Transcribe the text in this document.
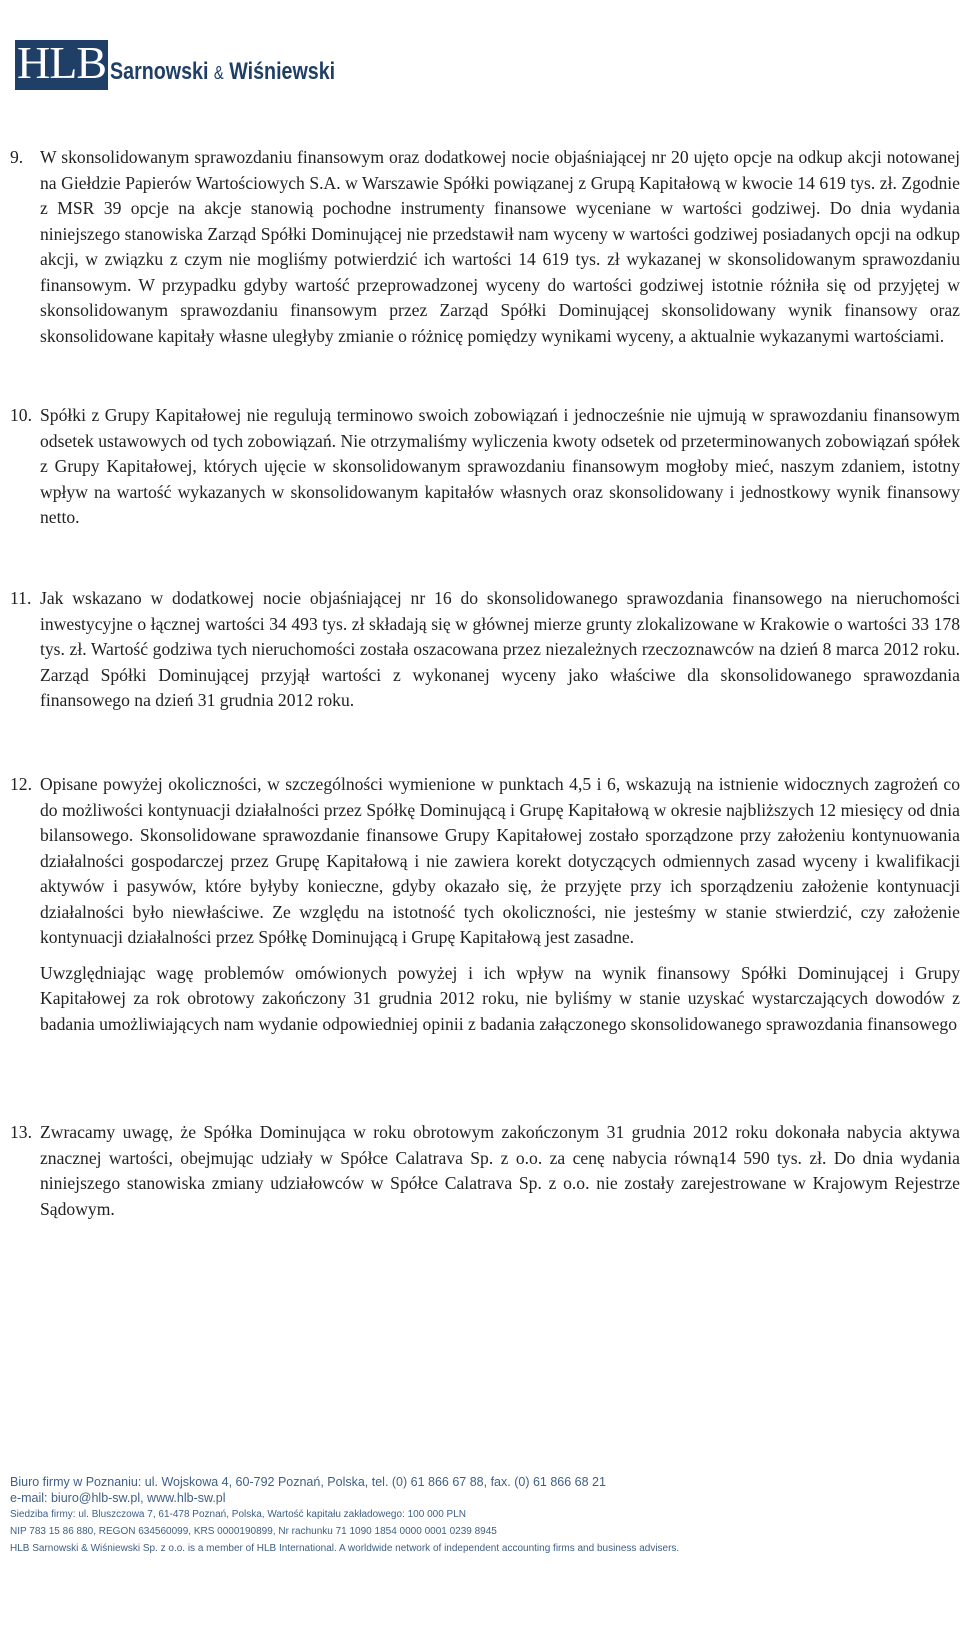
HLB Sarnowski & Wiśniewski
9. W skonsolidowanym sprawozdaniu finansowym oraz dodatkowej nocie objaśniającej nr 20 ujęto opcje na odkup akcji notowanej na Giełdzie Papierów Wartościowych S.A. w Warszawie Spółki powiązanej z Grupą Kapitałową w kwocie 14 619 tys. zł. Zgodnie z MSR 39 opcje na akcje stanowią pochodne instrumenty finansowe wyceniane w wartości godziwej. Do dnia wydania niniejszego stanowiska Zarząd Spółki Dominującej nie przedstawił nam wyceny w wartości godziwej posiadanych opcji na odkup akcji, w związku z czym nie mogliśmy potwierdzić ich wartości 14 619 tys. zł wykazanej w skonsolidowanym sprawozdaniu finansowym. W przypadku gdyby wartość przeprowadzonej wyceny do wartości godziwej istotnie różniła się od przyjętej w skonsolidowanym sprawozdaniu finansowym przez Zarząd Spółki Dominującej skonsolidowany wynik finansowy oraz skonsolidowane kapitały własne uległyby zmianie o różnicę pomiędzy wynikami wyceny, a aktualnie wykazanymi wartościami.

10. Spółki z Grupy Kapitałowej nie regulują terminowo swoich zobowiązań i jednocześnie nie ujmują w sprawozdaniu finansowym odsetek ustawowych od tych zobowiązań. Nie otrzymaliśmy wyliczenia kwoty odsetek od przeterminowanych zobowiązań spółek z Grupy Kapitałowej, których ujęcie w skonsolidowanym sprawozdaniu finansowym mogłoby mieć, naszym zdaniem, istotny wpływ na wartość wykazanych w skonsolidowanym kapitałów własnych oraz skonsolidowany i jednostkowy wynik finansowy netto.

11. Jak wskazano w dodatkowej nocie objaśniającej nr 16 do skonsolidowanego sprawozdania finansowego na nieruchomości inwestycyjne o łącznej wartości 34 493 tys. zł składają się w głównej mierze grunty zlokalizowane w Krakowie o wartości 33 178 tys. zł. Wartość godziwa tych nieruchomości została oszacowana przez niezależnych rzeczoznawców na dzień 8 marca 2012 roku. Zarząd Spółki Dominującej przyjął wartości z wykonanej wyceny jako właściwe dla skonsolidowanego sprawozdania finansowego na dzień 31 grudnia 2012 roku.

12. Opisane powyżej okoliczności, w szczególności wymienione w punktach 4,5 i 6, wskazują na istnienie widocznych zagrożeń co do możliwości kontynuacji działalności przez Spółkę Dominującą i Grupę Kapitałową w okresie najbliższych 12 miesięcy od dnia bilansowego. Skonsolidowane sprawozdanie finansowe Grupy Kapitałowej zostało sporządzone przy założeniu kontynuowania działalności gospodarczej przez Grupę Kapitałową i nie zawiera korekt dotyczących odmiennych zasad wyceny i kwalifikacji aktywów i pasywów, które byłyby konieczne, gdyby okazało się, że przyjęte przy ich sporządzeniu założenie kontynuacji działalności było niewłaściwe. Ze względu na istotność tych okoliczności, nie jesteśmy w stanie stwierdzić, czy założenie kontynuacji działalności przez Spółkę Dominującą i Grupę Kapitałową jest zasadne.

Uwzględniając wagę problemów omówionych powyżej i ich wpływ na wynik finansowy Spółki Dominującej i Grupy Kapitałowej za rok obrotowy zakończony 31 grudnia 2012 roku, nie byliśmy w stanie uzyskać wystarczających dowodów z badania umożliwiających nam wydanie odpowiedniej opinii z badania załączonego skonsolidowanego sprawozdania finansowego

13. Zwracamy uwagę, że Spółka Dominująca w roku obrotowym zakończonym 31 grudnia 2012 roku dokonała nabycia aktywa znacznej wartości, obejmując udziały w Spółce Calatrava Sp. z o.o. za cenę nabycia równą14 590 tys. zł. Do dnia wydania niniejszego stanowiska zmiany udziałowców w Spółce Calatrava Sp. z o.o. nie zostały zarejestrowane w Krajowym Rejestrze Sądowym.

Biuro firmy w Poznaniu: ul. Wojskowa 4, 60-792 Poznań, Polska, tel. (0) 61 866 67 88, fax. (0) 61 866 68 21
e-mail: biuro@hlb-sw.pl, www.hlb-sw.pl
Siedziba firmy: ul. Bluszczowa 7, 61-478 Poznań, Polska, Wartość kapitału zakładowego: 100 000 PLN
NIP 783 15 86 880, REGON 634560099, KRS 0000190899, Nr rachunku 71 1090 1854 0000 0001 0239 8945
HLB Sarnowski & Wiśniewski Sp. z o.o. is a member of HLB International. A worldwide network of independent accounting firms and business advisers.
